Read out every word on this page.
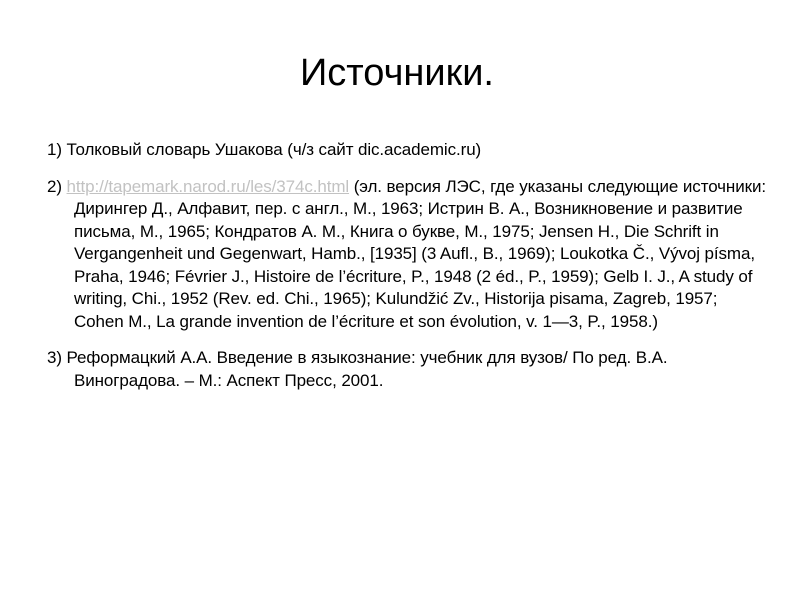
Источники.
1) Толковый словарь Ушакова (ч/з сайт dic.academic.ru)
2) http://tapemark.narod.ru/les/374c.html (эл. версия ЛЭС, где указаны следующие источники: Дирингер Д., Алфавит, пер. с англ., М., 1963; Истрин В. А., Возникновение и развитие письма, М., 1965; Кондратов А. М., Книга о букве, М., 1975; Jensen H., Die Schrift in Vergangenheit und Gegenwart, Hamb., [1935] (3 Aufl., B., 1969); Loukotka Č., Vývoj písma, Praha, 1946; Février J., Histoire de l’écriture, P., 1948 (2 éd., P., 1959); Gelb I. J., A study of writing, Chi., 1952 (Rev. ed. Chi., 1965); Kulundžić Zv., Historija pisama, Zagreb, 1957; Cohen M., La grande invention de l’écriture et son évolution, v. 1—3, P., 1958.)
3) Реформацкий А.А. Введение в языкознание: учебник для вузов/ По ред. В.А. Виноградова. – М.: Аспект Пресс, 2001.
